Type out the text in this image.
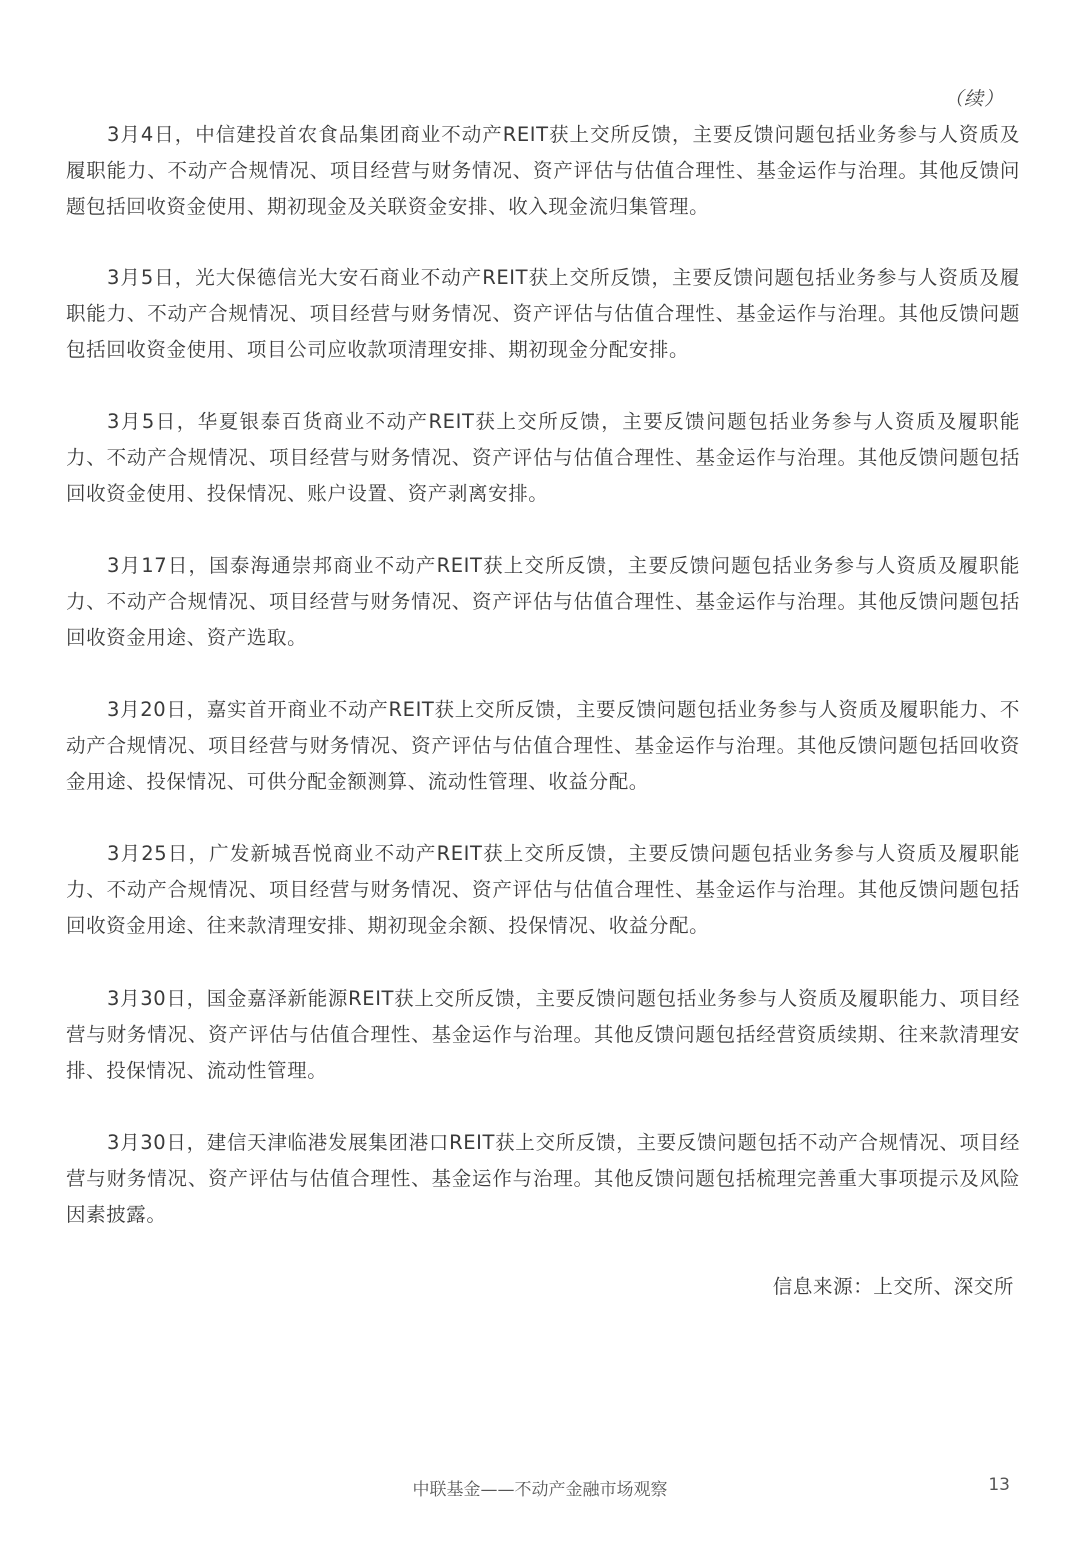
（续）

3月4日，中信建投首农食品集团商业不动产REIT获上交所反馈，主要反馈问题包括业务参与人资质及履职能力、不动产合规情况、项目经营与财务情况、资产评估与估值合理性、基金运作与治理。其他反馈问题包括回收资金使用、期初现金及关联资金安排、收入现金流归集管理。

3月5日，光大保德信光大安石商业不动产REIT获上交所反馈，主要反馈问题包括业务参与人资质及履职能力、不动产合规情况、项目经营与财务情况、资产评估与估值合理性、基金运作与治理。其他反馈问题包括回收资金使用、项目公司应收款项清理安排、期初现金分配安排。

3月5日，华夏银泰百货商业不动产REIT获上交所反馈，主要反馈问题包括业务参与人资质及履职能力、不动产合规情况、项目经营与财务情况、资产评估与估值合理性、基金运作与治理。其他反馈问题包括回收资金使用、投保情况、账户设置、资产剥离安排。

3月17日，国泰海通崇邦商业不动产REIT获上交所反馈，主要反馈问题包括业务参与人资质及履职能力、不动产合规情况、项目经营与财务情况、资产评估与估值合理性、基金运作与治理。其他反馈问题包括回收资金用途、资产选取。

3月20日，嘉实首开商业不动产REIT获上交所反馈，主要反馈问题包括业务参与人资质及履职能力、不动产合规情况、项目经营与财务情况、资产评估与估值合理性、基金运作与治理。其他反馈问题包括回收资金用途、投保情况、可供分配金额测算、流动性管理、收益分配。

3月25日，广发新城吾悦商业不动产REIT获上交所反馈，主要反馈问题包括业务参与人资质及履职能力、不动产合规情况、项目经营与财务情况、资产评估与估值合理性、基金运作与治理。其他反馈问题包括回收资金用途、往来款清理安排、期初现金余额、投保情况、收益分配。

3月30日，国金嘉泽新能源REIT获上交所反馈，主要反馈问题包括业务参与人资质及履职能力、项目经营与财务情况、资产评估与估值合理性、基金运作与治理。其他反馈问题包括经营资质续期、往来款清理安排、投保情况、流动性管理。

3月30日，建信天津临港发展集团港口REIT获上交所反馈，主要反馈问题包括不动产合规情况、项目经营与财务情况、资产评估与估值合理性、基金运作与治理。其他反馈问题包括梳理完善重大事项提示及风险因素披露。

信息来源：上交所、深交所
中联基金——不动产金融市场观察	13
